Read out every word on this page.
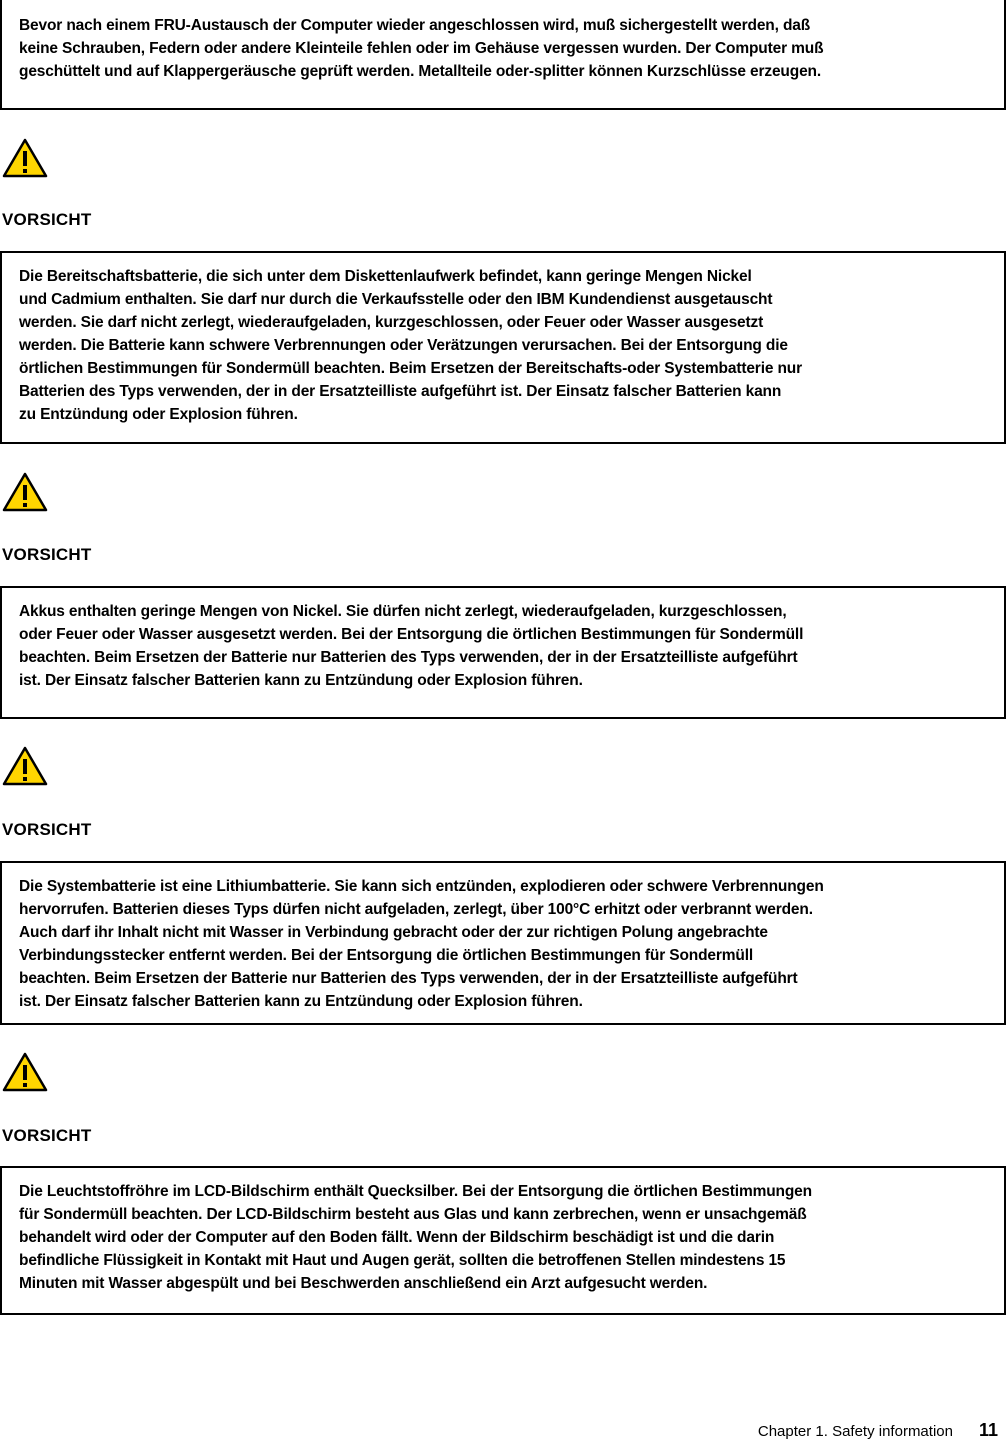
Bevor nach einem FRU-Austausch der Computer wieder angeschlossen wird, muß sichergestellt werden, daß
keine Schrauben, Federn oder andere Kleinteile fehlen oder im Gehäuse vergessen wurden. Der Computer muß
geschüttelt und auf Klappergeräusche geprüft werden. Metallteile oder-splitter können Kurzschlüsse erzeugen.
VORSICHT
Die Bereitschaftsbatterie, die sich unter dem Diskettenlaufwerk befindet, kann geringe Mengen Nickel
und Cadmium enthalten. Sie darf nur durch die Verkaufsstelle oder den IBM Kundendienst ausgetauscht
werden. Sie darf nicht zerlegt, wiederaufgeladen, kurzgeschlossen, oder Feuer oder Wasser ausgesetzt
werden. Die Batterie kann schwere Verbrennungen oder Verätzungen verursachen. Bei der Entsorgung die
örtlichen Bestimmungen für Sondermüll beachten. Beim Ersetzen der Bereitschafts-oder Systembatterie nur
Batterien des Typs verwenden, der in der Ersatzteilliste aufgeführt ist. Der Einsatz falscher Batterien kann
zu Entzündung oder Explosion führen.
VORSICHT
Akkus enthalten geringe Mengen von Nickel. Sie dürfen nicht zerlegt, wiederaufgeladen, kurzgeschlossen,
oder Feuer oder Wasser ausgesetzt werden. Bei der Entsorgung die örtlichen Bestimmungen für Sondermüll
beachten. Beim Ersetzen der Batterie nur Batterien des Typs verwenden, der in der Ersatzteilliste aufgeführt
ist. Der Einsatz falscher Batterien kann zu Entzündung oder Explosion führen.
VORSICHT
Die Systembatterie ist eine Lithiumbatterie. Sie kann sich entzünden, explodieren oder schwere Verbrennungen
hervorrufen. Batterien dieses Typs dürfen nicht aufgeladen, zerlegt, über 100°C erhitzt oder verbrannt werden.
Auch darf ihr Inhalt nicht mit Wasser in Verbindung gebracht oder der zur richtigen Polung angebrachte
Verbindungsstecker entfernt werden. Bei der Entsorgung die örtlichen Bestimmungen für Sondermüll
beachten. Beim Ersetzen der Batterie nur Batterien des Typs verwenden, der in der Ersatzteilliste aufgeführt
ist. Der Einsatz falscher Batterien kann zu Entzündung oder Explosion führen.
VORSICHT
Die Leuchtstoffröhre im LCD-Bildschirm enthält Quecksilber. Bei der Entsorgung die örtlichen Bestimmungen
für Sondermüll beachten. Der LCD-Bildschirm besteht aus Glas und kann zerbrechen, wenn er unsachgemäß
behandelt wird oder der Computer auf den Boden fällt. Wenn der Bildschirm beschädigt ist und die darin
befindliche Flüssigkeit in Kontakt mit Haut und Augen gerät, sollten die betroffenen Stellen mindestens 15
Minuten mit Wasser abgespült und bei Beschwerden anschließend ein Arzt aufgesucht werden.
Chapter 1. Safety information 11
